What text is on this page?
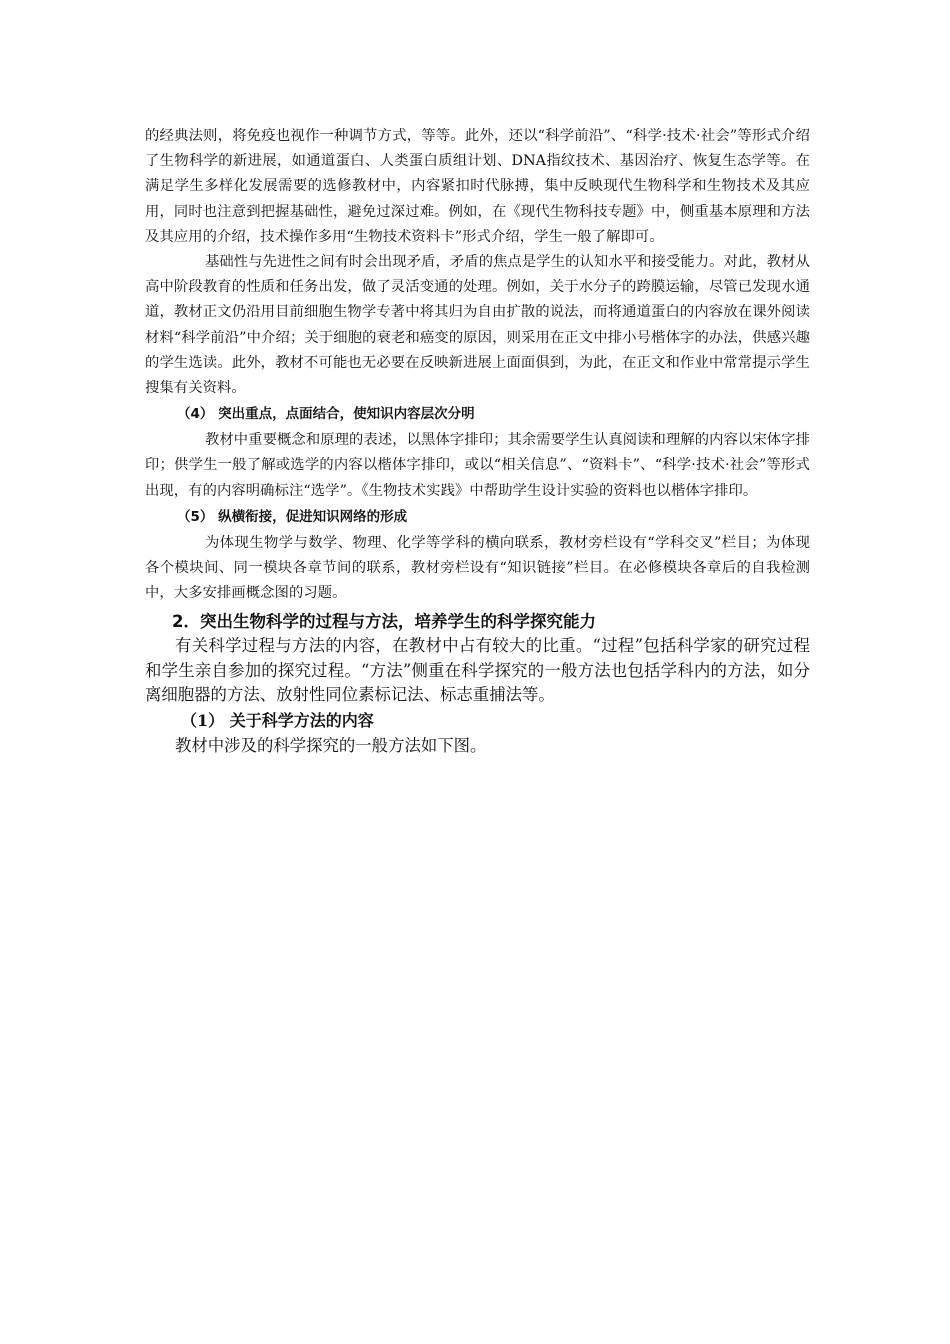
的经典法则，将免疫也视作一种调节方式，等等。此外，还以“科学前沿”、“科学·技术·社会”等形式介绍了生物科学的新进展，如通道蛋白、人类蛋白质组计划、DNA指纹技术、基因治疗、恢复生态学等。在满足学生多样化发展需要的选修教材中，内容紧扣时代脉搏，集中反映现代生物科学和生物技术及其应用，同时也注意到把握基础性，避免过深过难。例如，在《现代生物科技专题》中，侧重基本原理和方法及其应用的介绍，技术操作多用“生物技术资料卡”形式介绍，学生一般了解即可。

基础性与先进性之间有时会出现矛盾，矛盾的焦点是学生的认知水平和接受能力。对此，教材从高中阶段教育的性质和任务出发，做了灵活变通的处理。例如，关于水分子的跨膜运输，尽管已发现水通道，教材正文仍沿用目前细胞生物学专著中将其归为自由扩散的说法，而将通道蛋白的内容放在课外阅读材料“科学前沿”中介绍；关于细胞的衰老和癌变的原因，则采用在正文中排小号楷体字的办法，供感兴趣的学生选读。此外，教材不可能也无必要在反映新进展上面面俱到，为此，在正文和作业中常常提示学生搜集有关资料。

（4） 突出重点，点面结合，使知识内容层次分明

教材中重要概念和原理的表述，以黑体字排印；其余需要学生认真阅读和理解的内容以宋体字排印；供学生一般了解或选学的内容以楷体字排印，或以“相关信息”、“资料卡”、“科学·技术·社会”等形式出现，有的内容明确标注“选学”。《生物技术实践》中帮助学生设计实验的资料也以楷体字排印。

（5） 纵横衔接，促进知识网络的形成

为体现生物学与数学、物理、化学等学科的横向联系，教材旁栏设有“学科交叉”栏目；为体现各个模块间、同一模块各章节间的联系，教材旁栏设有“知识链接”栏目。在必修模块各章后的自我检测中，大多安排画概念图的习题。

2．突出生物科学的过程与方法，培养学生的科学探究能力

有关科学过程与方法的内容，在教材中占有较大的比重。“过程”包括科学家的研究过程和学生亲自参加的探究过程。“方法”侧重在科学探究的一般方法也包括学科内的方法，如分离细胞器的方法、放射性同位素标记法、标志重捕法等。

（1） 关于科学方法的内容

教材中涉及的科学探究的一般方法如下图。
